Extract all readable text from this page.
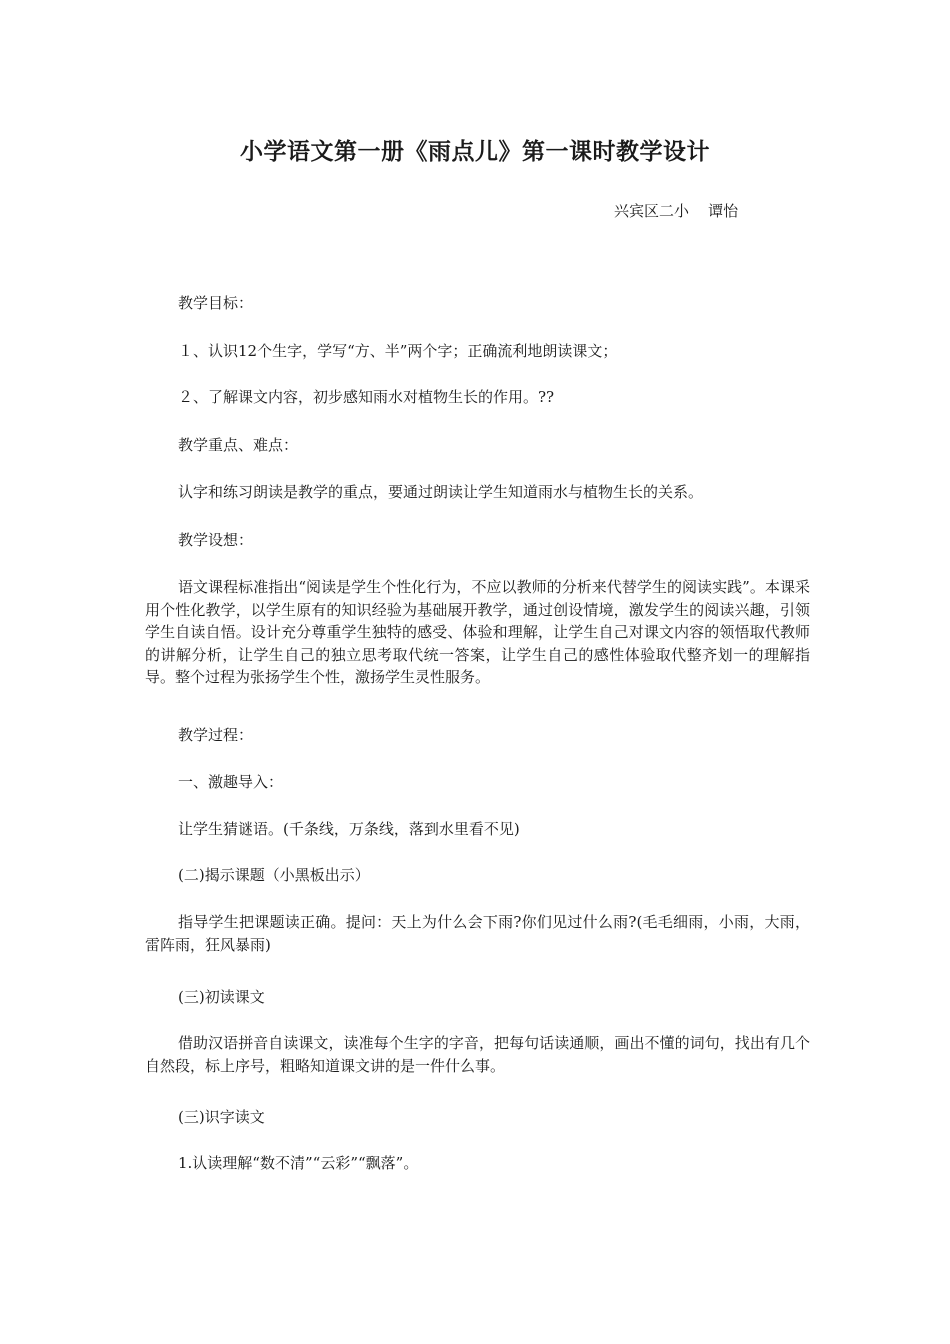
小学语文第一册《雨点儿》第一课时教学设计
兴宾区二小    谭怡
教学目标：
１、认识12个生字，学写“方、半”两个字；正确流利地朗读课文；
２、了解课文内容，初步感知雨水对植物生长的作用。??
教学重点、难点：
认字和练习朗读是教学的重点，要通过朗读让学生知道雨水与植物生长的关系。
教学设想：
语文课程标准指出“阅读是学生个性化行为，不应以教师的分析来代替学生的阅读实践”。本课采用个性化教学，以学生原有的知识经验为基础展开教学，通过创设情境，激发学生的阅读兴趣，引领学生自读自悟。设计充分尊重学生独特的感受、体验和理解，让学生自己对课文内容的领悟取代教师的讲解分析，让学生自己的独立思考取代统一答案，让学生自己的感性体验取代整齐划一的理解指导。整个过程为张扬学生个性，激扬学生灵性服务。
教学过程：
一、激趣导入：
让学生猜谜语。(千条线，万条线，落到水里看不见)
(二)揭示课题（小黑板出示）
指导学生把课题读正确。提问：天上为什么会下雨?你们见过什么雨?(毛毛细雨，小雨，大雨，雷阵雨，狂风暴雨)
(三)初读课文
借助汉语拼音自读课文，读准每个生字的字音，把每句话读通顺，画出不懂的词句，找出有几个自然段，标上序号，粗略知道课文讲的是一件什么事。
(三)识字读文
1.认读理解“数不清”“云彩”“飘落”。
